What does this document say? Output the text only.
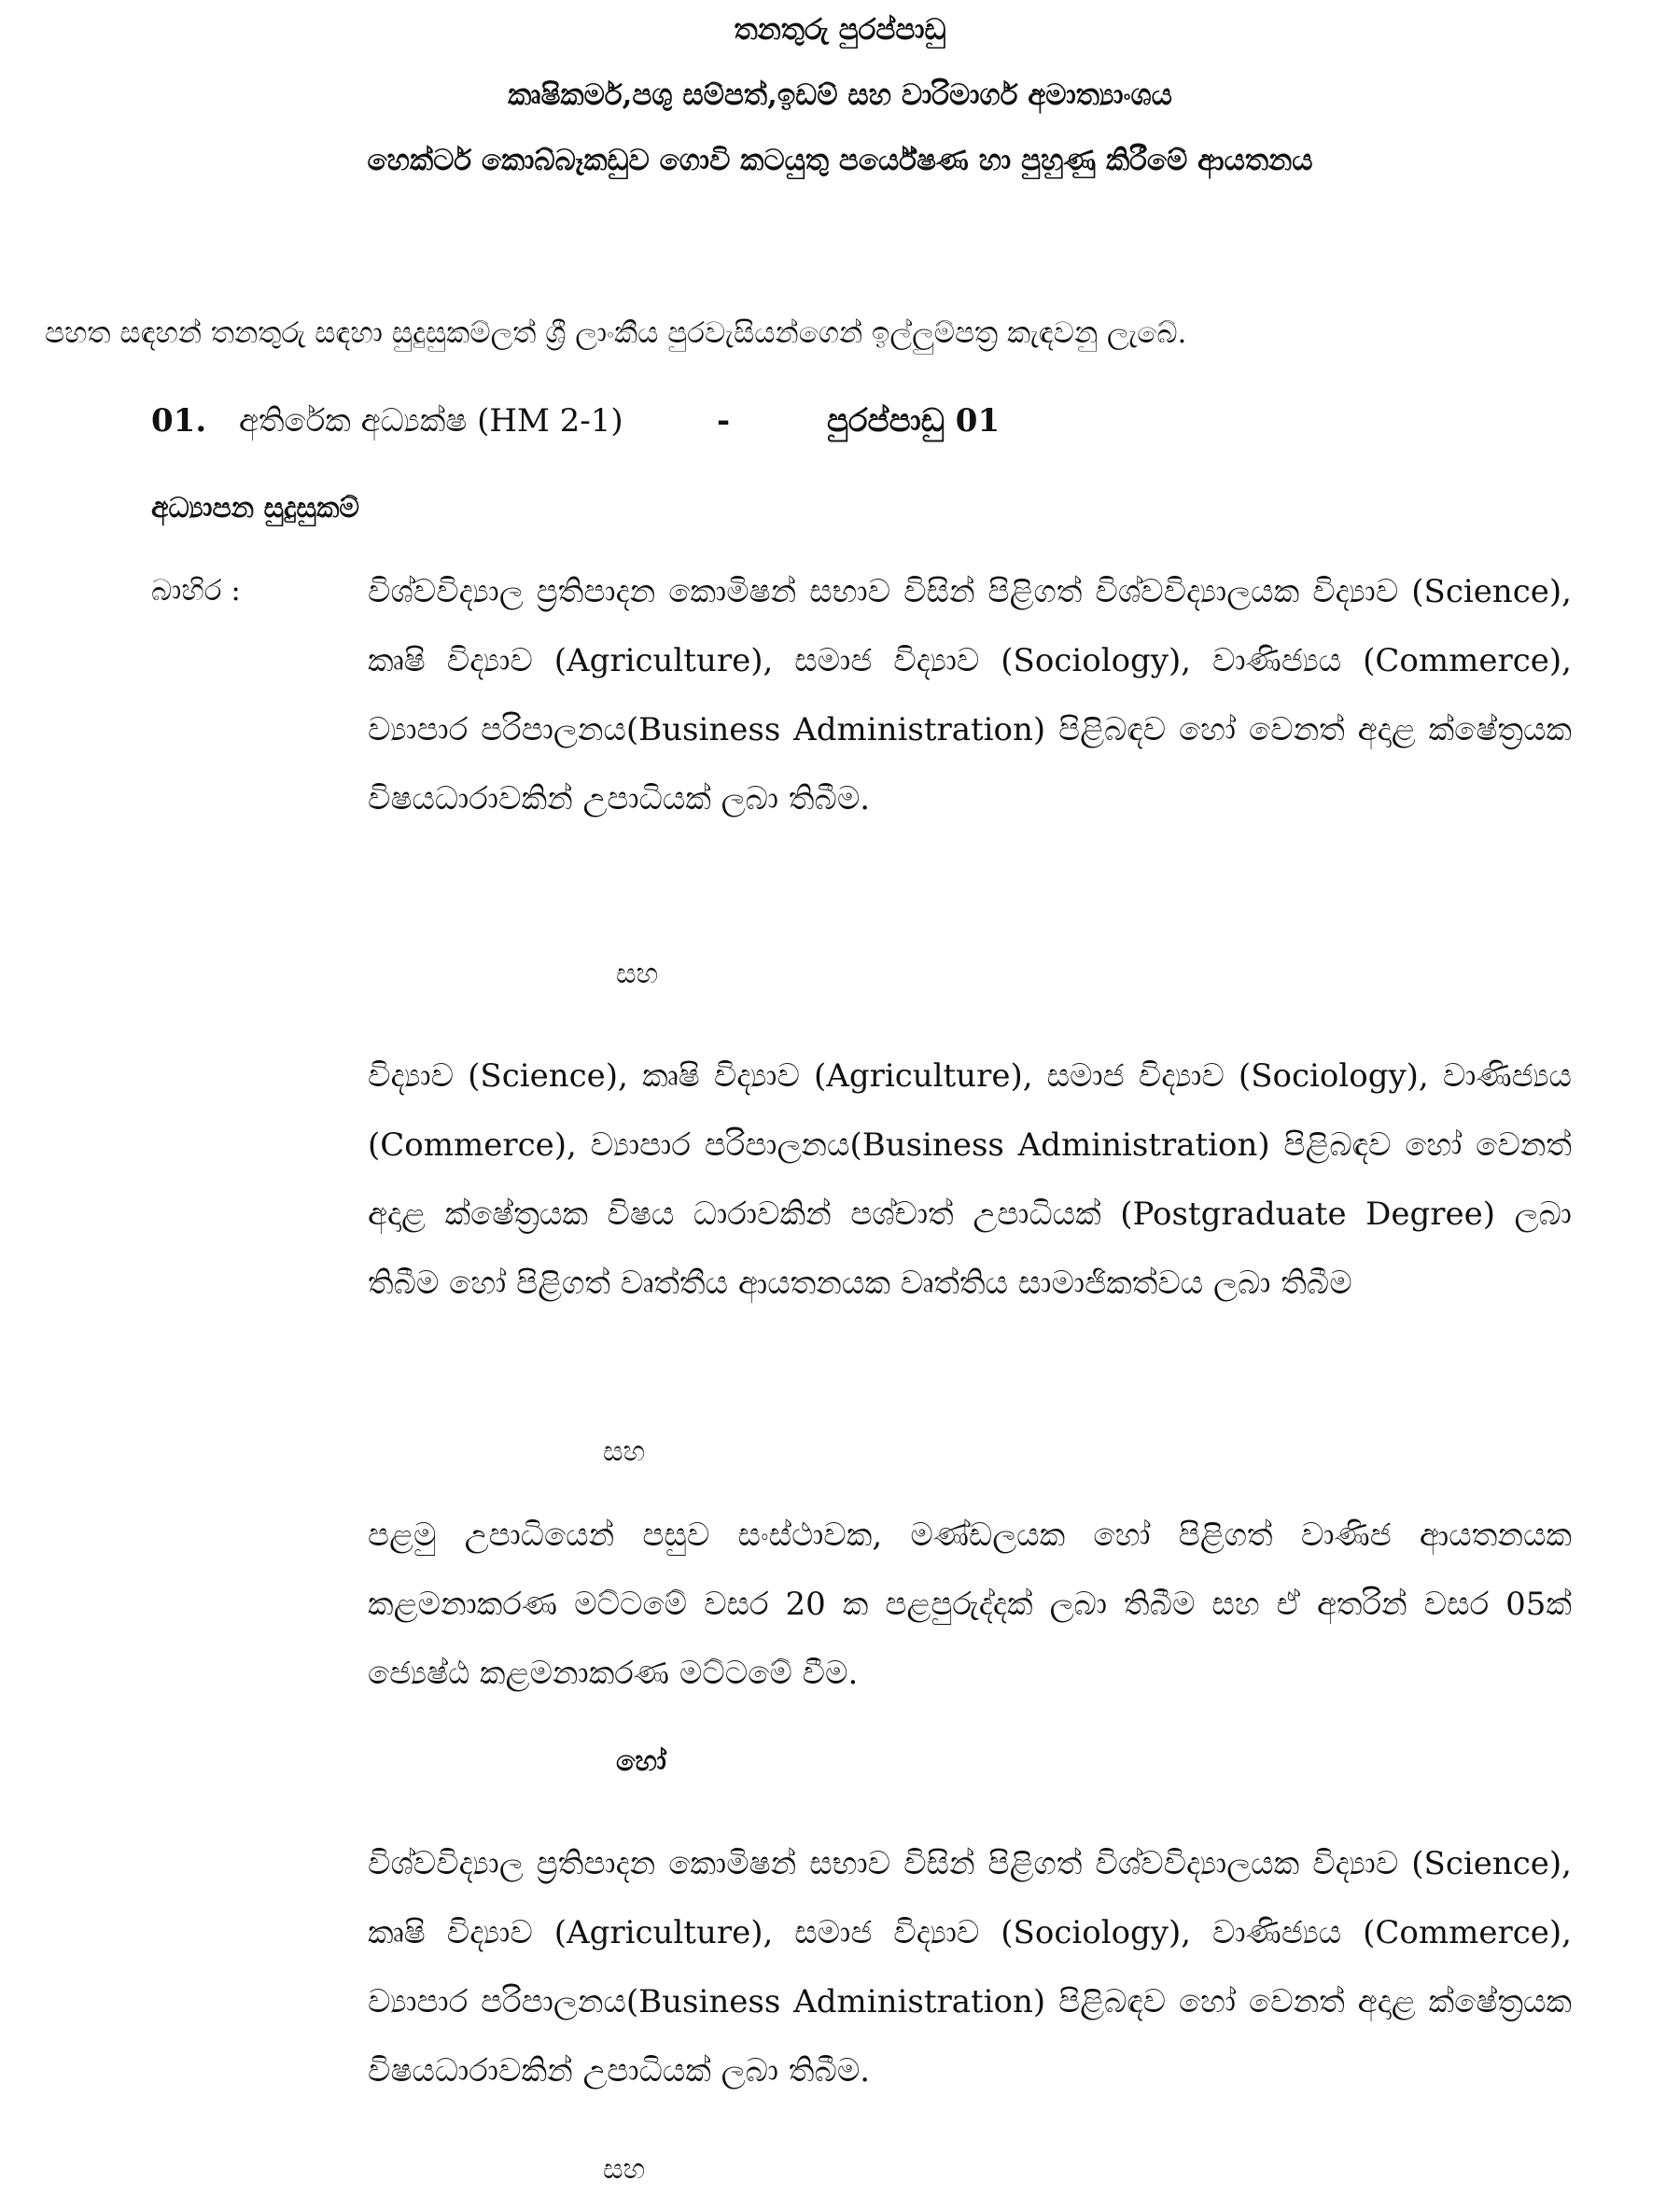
තනතුරු පුරප්පාඩු
කෘෂිකර්ම,පශු සම්පත්,ඉඩම් සහ වාරිමාර්ග අමාත්‍යාංශය
හෙක්ටර් කොබ්බෑකඩුව ගොවි කටයුතු පර්යේෂණ හා පුහුණු කිරීමේ ආයතනය
පහත සඳහන් තනතුරු සඳහා සුදුසුකම්ලත් ශ්‍රී ලාංකීය පුරවැසියන්ගෙන් ඉල්ලුම්පත්‍ර කැඳවනු ලැබේ.
01. අතිරේක අධ්‍යක්ෂ (HM 2-1)	-	පුරප්පාඩු 01
අධ්‍යාපන සුදුසුකම්
බාහිර :	විශ්වවිද්‍යාල ප්‍රතිපාදන කොමිෂන් සභාව විසින් පිළිගත් විශ්වවිද්‍යාලයක විද්‍යාව (Science), කෘෂි විද්‍යාව (Agriculture), සමාජ විද්‍යාව (Sociology), වාණිජ්‍යය (Commerce), ව්‍යාපාර පරිපාලනය(Business Administration) පිළිබඳව හෝ වෙනත් අදාළ ක්ෂේත්‍රයක විෂයධාරාවකින් උපාධියක් ලබා තිබීම.
සහ
විද්‍යාව (Science), කෘෂි විද්‍යාව (Agriculture), සමාජ විද්‍යාව (Sociology), වාණිජ්‍යය (Commerce), ව්‍යාපාර පරිපාලනය(Business Administration) පිළිබඳව හෝ වෙනත් අදාළ ක්ෂේත්‍රයක විෂය ධාරාවකින් පශ්චාත් උපාධියක් (Postgraduate Degree) ලබා තිබීම හෝ පිළිගත් වෘත්තීය ආයතනයක වෘත්තිය සාමාජිකත්වය ලබා තිබීම
සහ
පළමු උපාධියෙන් පසුව සංස්ථාවක, මණ්ඩලයක හෝ පිළිගත් වාණිජ ආයතනයක කළමනාකරණ මට්ටමේ වසර 20 ක පළපුරුද්දක් ලබා තිබීම සහ ඒ අතරින් වසර 05ක් ජ්‍යෙෂ්ඨ කළමනාකරණ මට්ටමේ වීම.
හෝ
විශ්වවිද්‍යාල ප්‍රතිපාදන කොමිෂන් සභාව විසින් පිළිගත් විශ්වවිද්‍යාලයක විද්‍යාව (Science), කෘෂි විද්‍යාව (Agriculture), සමාජ විද්‍යාව (Sociology), වාණිජ්‍යය (Commerce), ව්‍යාපාර පරිපාලනය(Business Administration) පිළිබඳව හෝ වෙනත් අදාළ ක්ෂේත්‍රයක විෂයධාරාවකින් උපාධියක් ලබා තිබීම.
සහ
